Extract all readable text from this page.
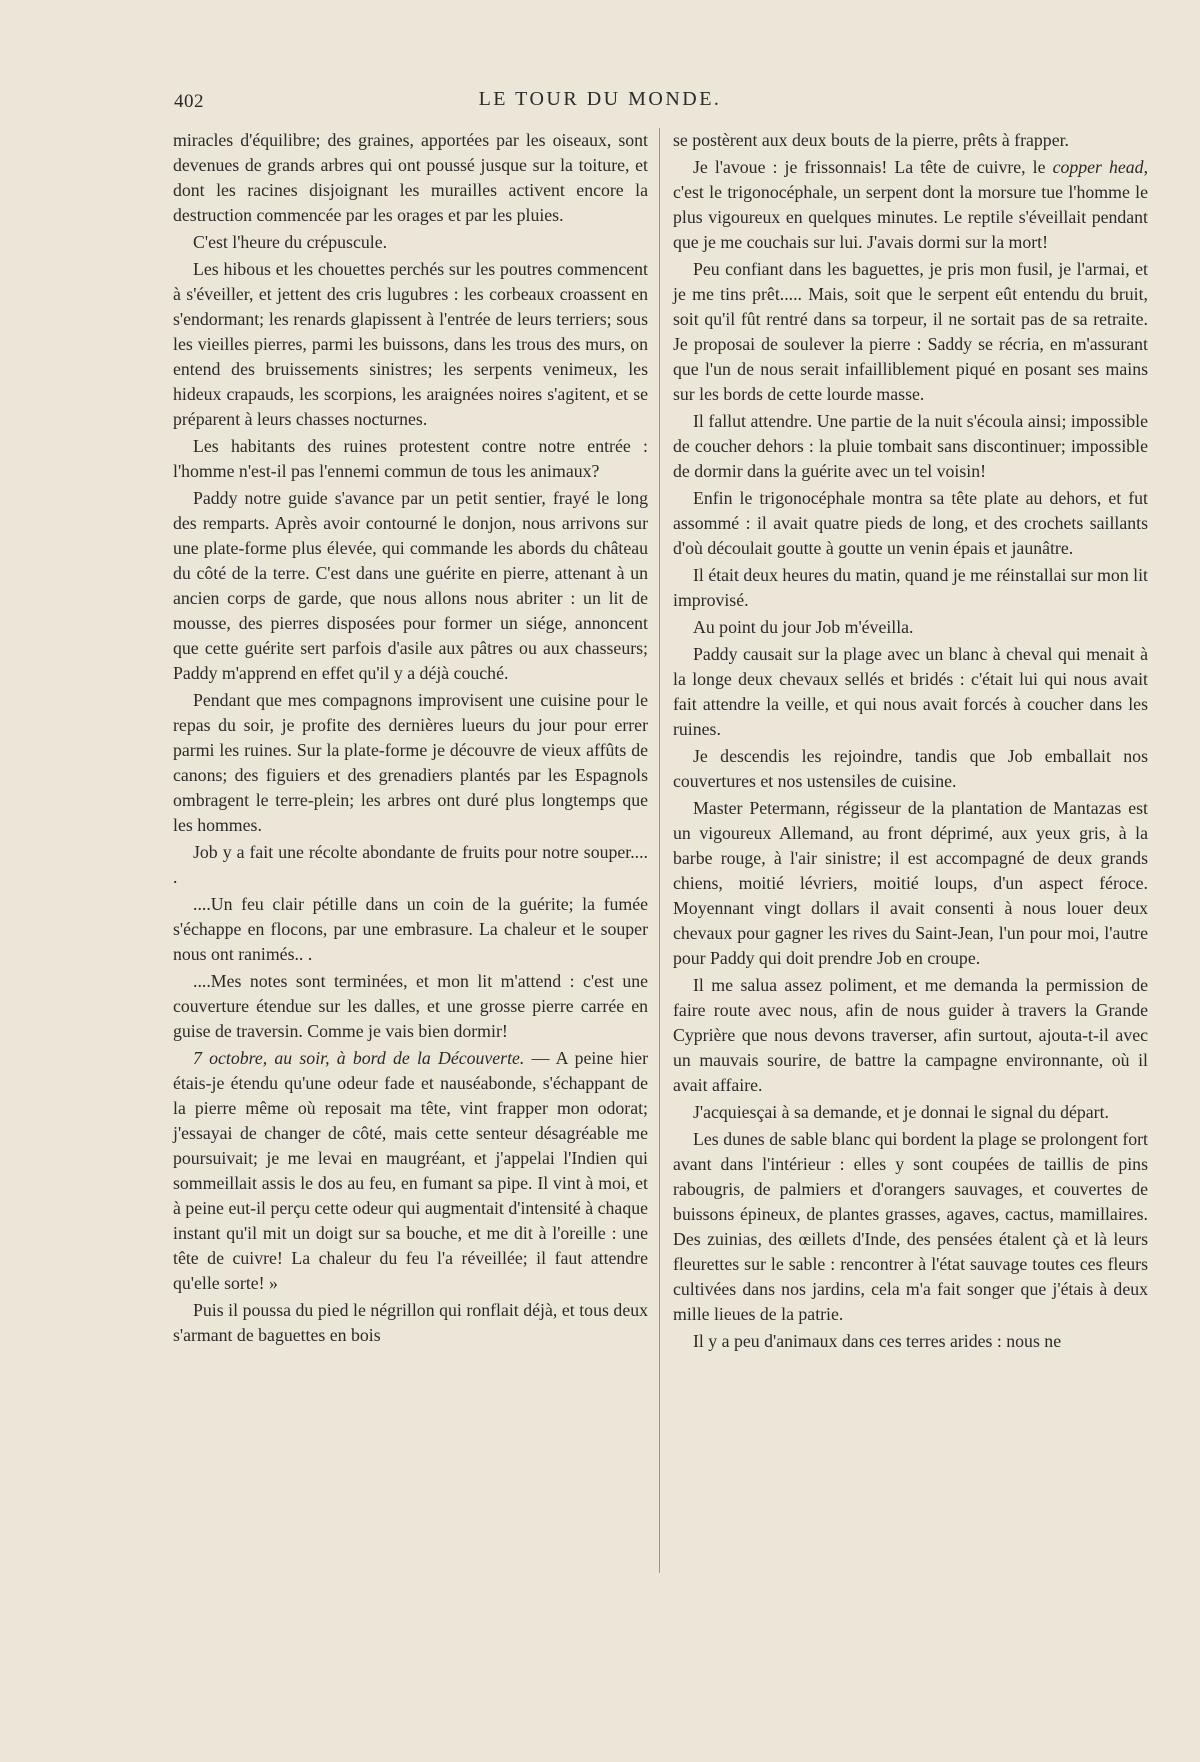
402	LE TOUR DU MONDE.

miracles d'équilibre; des graines, apportées par les oiseaux, sont devenues de grands arbres qui ont poussé jusque sur la toiture, et dont les racines disjoignant les murailles activent encore la destruction commencée par les orages et par les pluies.

C'est l'heure du crépuscule.

Les hibous et les chouettes perchés sur les poutres commencent à s'éveiller, et jettent des cris lugubres : les corbeaux croassent en s'endormant; les renards glapissent à l'entrée de leurs terriers; sous les vieilles pierres, parmi les buissons, dans les trous des murs, on entend des bruissements sinistres; les serpents venimeux, les hideux crapauds, les scorpions, les araignées noires s'agitent, et se préparent à leurs chasses nocturnes.

Les habitants des ruines protestent contre notre entrée : l'homme n'est-il pas l'ennemi commun de tous les animaux?

Paddy notre guide s'avance par un petit sentier, frayé le long des remparts. Après avoir contourné le donjon, nous arrivons sur une plate-forme plus élevée, qui commande les abords du château du côté de la terre. C'est dans une guérite en pierre, attenant à un ancien corps de garde, que nous allons nous abriter : un lit de mousse, des pierres disposées pour former un siége, annoncent que cette guérite sert parfois d'asile aux pâtres ou aux chasseurs; Paddy m'apprend en effet qu'il y a déjà couché.

Pendant que mes compagnons improvisent une cuisine pour le repas du soir, je profite des dernières lueurs du jour pour errer parmi les ruines. Sur la plate-forme je découvre de vieux affûts de canons; des figuiers et des grenadiers plantés par les Espagnols ombragent le terre-plein; les arbres ont duré plus longtemps que les hommes.

Job y a fait une récolte abondante de fruits pour notre souper.... .

....Un feu clair pétille dans un coin de la guérite; la fumée s'échappe en flocons, par une embrasure. La chaleur et le souper nous ont ranimés.. .

....Mes notes sont terminées, et mon lit m'attend : c'est une couverture étendue sur les dalles, et une grosse pierre carrée en guise de traversin. Comme je vais bien dormir!

7 octobre, au soir, à bord de la Découverte. — A peine hier étais-je étendu qu'une odeur fade et nauséabonde, s'échappant de la pierre même où reposait ma tête, vint frapper mon odorat; j'essayai de changer de côté, mais cette senteur désagréable me poursuivait; je me levai en maugréant, et j'appelai l'Indien qui sommeillait assis le dos au feu, en fumant sa pipe. Il vint à moi, et à peine eut-il perçu cette odeur qui augmentait d'intensité à chaque instant qu'il mit un doigt sur sa bouche, et me dit à l'oreille : une tête de cuivre! La chaleur du feu l'a réveillée; il faut attendre qu'elle sorte! »

Puis il poussa du pied le négrillon qui ronflait déjà, et tous deux s'armant de baguettes en bois

se postèrent aux deux bouts de la pierre, prêts à frapper.

Je l'avoue : je frissonnais! La tête de cuivre, le copper head, c'est le trigonocéphale, un serpent dont la morsure tue l'homme le plus vigoureux en quelques minutes. Le reptile s'éveillait pendant que je me couchais sur lui. J'avais dormi sur la mort!

Peu confiant dans les baguettes, je pris mon fusil, je l'armai, et je me tins prêt..... Mais, soit que le serpent eût entendu du bruit, soit qu'il fût rentré dans sa torpeur, il ne sortait pas de sa retraite. Je proposai de soulever la pierre : Saddy se récria, en m'assurant que l'un de nous serait infailliblement piqué en posant ses mains sur les bords de cette lourde masse.

Il fallut attendre. Une partie de la nuit s'écoula ainsi; impossible de coucher dehors : la pluie tombait sans discontinuer; impossible de dormir dans la guérite avec un tel voisin!

Enfin le trigonocéphale montra sa tête plate au dehors, et fut assommé : il avait quatre pieds de long, et des crochets saillants d'où découlait goutte à goutte un venin épais et jaunâtre.

Il était deux heures du matin, quand je me réinstallai sur mon lit improvisé.

Au point du jour Job m'éveilla.

Paddy causait sur la plage avec un blanc à cheval qui menait à la longe deux chevaux sellés et bridés : c'était lui qui nous avait fait attendre la veille, et qui nous avait forcés à coucher dans les ruines.

Je descendis les rejoindre, tandis que Job emballait nos couvertures et nos ustensiles de cuisine.

Master Petermann, régisseur de la plantation de Mantazas est un vigoureux Allemand, au front déprimé, aux yeux gris, à la barbe rouge, à l'air sinistre; il est accompagné de deux grands chiens, moitié lévriers, moitié loups, d'un aspect féroce. Moyennant vingt dollars il avait consenti à nous louer deux chevaux pour gagner les rives du Saint-Jean, l'un pour moi, l'autre pour Paddy qui doit prendre Job en croupe.

Il me salua assez poliment, et me demanda la permission de faire route avec nous, afin de nous guider à travers la Grande Cyprière que nous devons traverser, afin surtout, ajouta-t-il avec un mauvais sourire, de battre la campagne environnante, où il avait affaire.

J'acquiesçai à sa demande, et je donnai le signal du départ.

Les dunes de sable blanc qui bordent la plage se prolongent fort avant dans l'intérieur : elles y sont coupées de taillis de pins rabougris, de palmiers et d'orangers sauvages, et couvertes de buissons épineux, de plantes grasses, agaves, cactus, mamillaires. Des zuinias, des œillets d'Inde, des pensées étalent çà et là leurs fleurettes sur le sable : rencontrer à l'état sauvage toutes ces fleurs cultivées dans nos jardins, cela m'a fait songer que j'étais à deux mille lieues de la patrie.

Il y a peu d'animaux dans ces terres arides : nous ne
